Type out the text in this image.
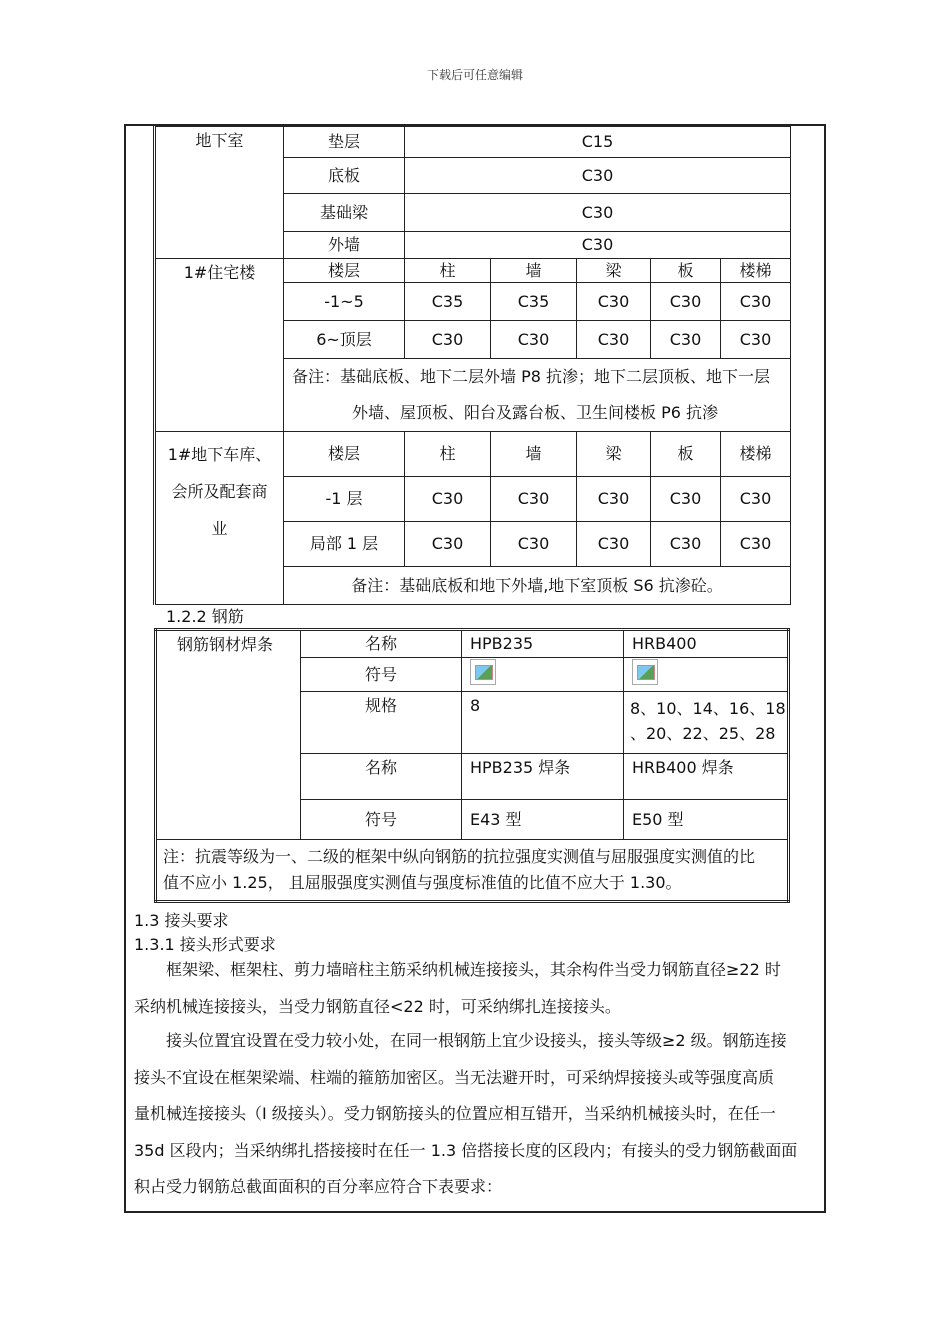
下载后可任意编辑
地下室	垫层	C15				
	底板	C30				
	基础梁	C30				
	外墙	C30				
1#住宅楼	楼层	柱	墙	梁	板	楼梯
	-1~5	C35	C35	C30	C30	C30
	6~顶层	C30	C30	C30	C30	C30

	备注：基础底板、地下二层外墙 P8 抗渗；地下二层顶板、地下一层
外墙、屋顶板、阳台及露台板、卫生间楼板 P6 抗渗					

1#地下车库、
会所及配套商
业	楼层	柱	墙	梁	板	楼梯
	-1 层	C30	C30	C30	C30	C30
	局部 1 层	C30	C30	C30	C30	C30
	备注：基础底板和地下外墙,地下室顶板 S6 抗渗砼。					
1.2.2 钢筋
钢筋钢材焊条	名称	HPB235	HRB400
	符号		
	规格	8	8、10、14、16、18
、20、22、25、28

	名称	HPB235 焊条	HRB400 焊条
	符号	E43 型	E50 型

注：抗震等级为一、二级的框架中纵向钢筋的抗拉强度实测值与屈服强度实测值的比
值不应小 1.25， 且屈服强度实测值与强度标准值的比值不应大于 1.30。			
1.3 接头要求
1.3.1 接头形式要求

框架梁、框架柱、剪力墙暗柱主筋采纳机械连接接头，其余构件当受力钢筋直径≥22 时

采纳机械连接接头，当受力钢筋直径<22 时，可采纳绑扎连接接头。

接头位置宜设置在受力较小处，在同一根钢筋上宜少设接头，接头等级≥2 级。钢筋连接

接头不宜设在框架梁端、柱端的箍筋加密区。当无法避开时，可采纳焊接接头或等强度高质

量机械连接接头（I 级接头）。受力钢筋接头的位置应相互错开，当采纳机械接头时，在任一

35d 区段内；当采纳绑扎搭接接时在任一 1.3 倍搭接长度的区段内；有接头的受力钢筋截面面

积占受力钢筋总截面面积的百分率应符合下表要求：
